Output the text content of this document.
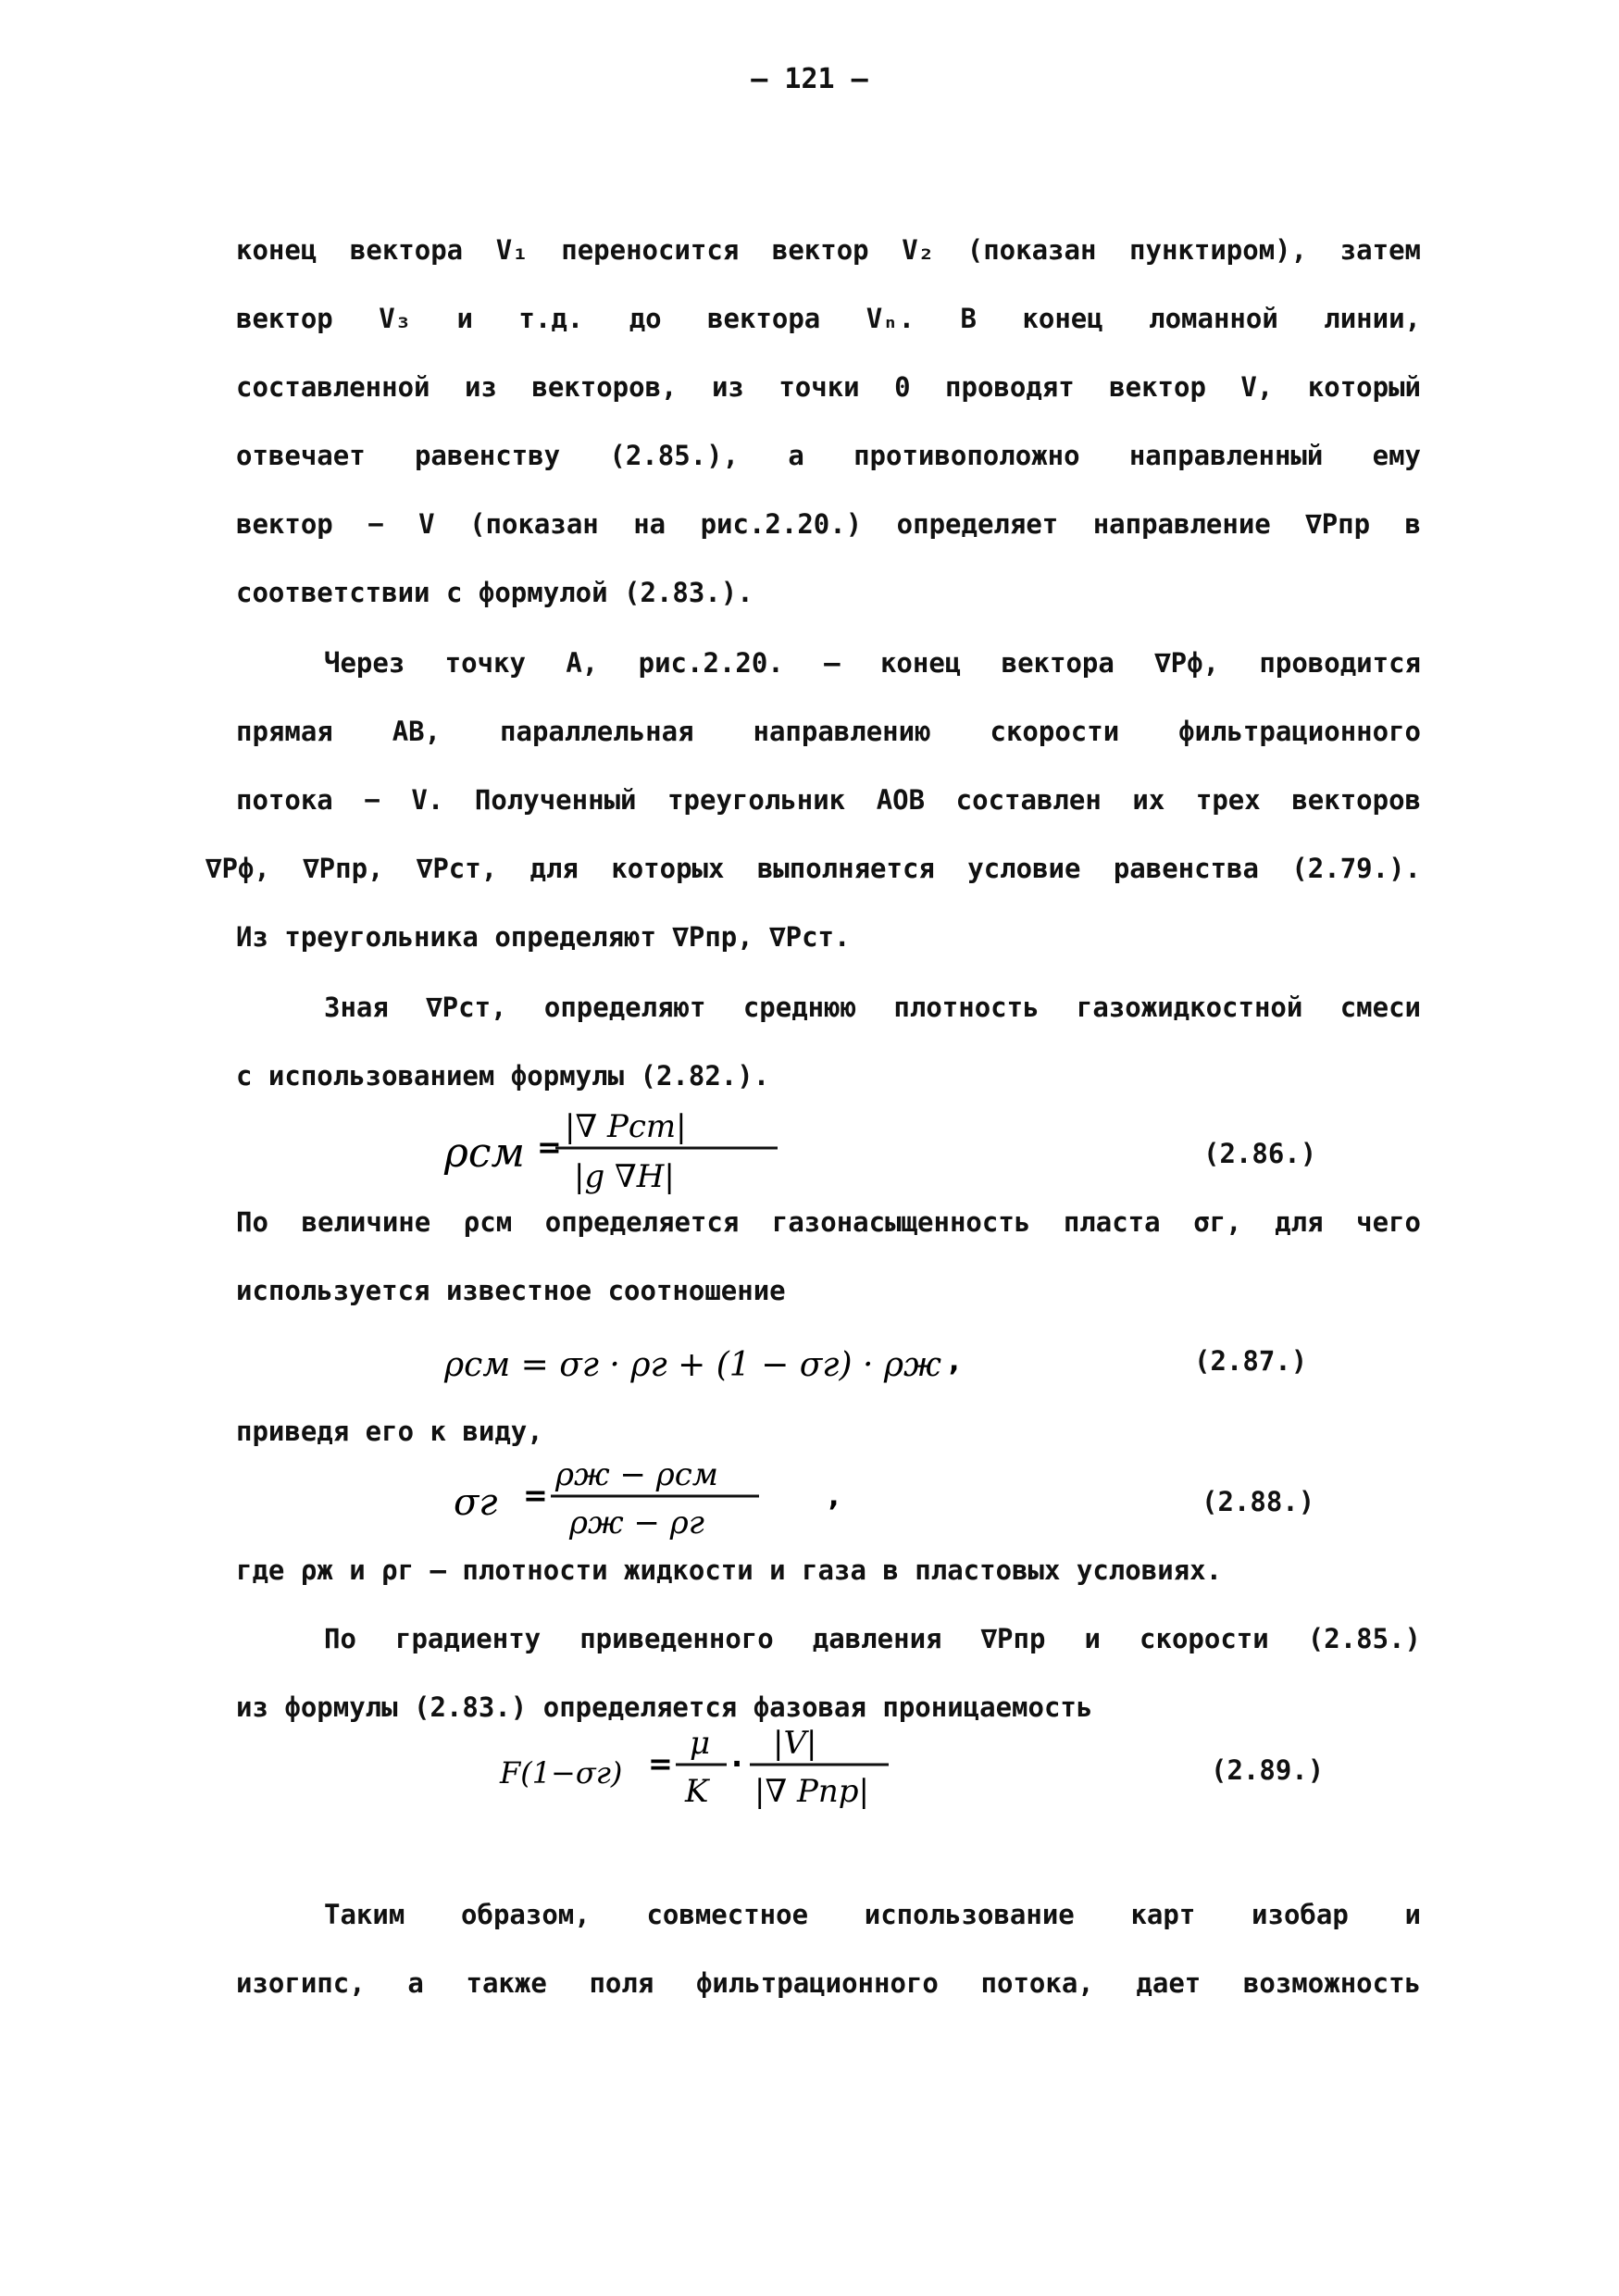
– 121 –
конец вектора V₁ переносится вектор V₂ (показан пунктиром), затем
вектор V₃ и т.д. до вектора Vₙ. В конец ломанной линии,
составленной из векторов, из точки 0 проводят вектор V, который
отвечает равенству (2.85.), а противоположно направленный ему
вектор − V (показан на рис.2.20.) определяет направление ∇Pпр в
соответствии с формулой (2.83.).
Через точку А, рис.2.20. – конец вектора ∇Pф, проводится
прямая АВ, параллельная направлению скорости фильтрационного
потока − V. Полученный треугольник АОВ составлен их трех векторов
∇Pф, ∇Pпр, ∇Pст, для которых выполняется условие равенства (2.79.).
Из треугольника определяют ∇Pпр, ∇Pст.
Зная ∇Pст, определяют среднюю плотность газожидкостной смеси
с использованием формулы (2.82.).
ρсм =
|∇ Pст|
|g ∇H|
(2.86.)
По величине ρсм определяется газонасыщенность пласта σг, для чего
используется известное соотношение
ρсм = σг · ρг + (1 − σг) · ρж ,	(2.87.)
приведя его к виду,
σг =
ρж − ρсм
ρж − ρг
,	(2.88.)
где ρж и ρг – плотности жидкости и газа в пластовых условиях.
По градиенту приведенного давления ∇Pпр и скорости (2.85.)
из формулы (2.83.) определяется фазовая проницаемость
F(1−σг) =
μ
K
·
|V|
|∇ Pпр|
(2.89.)
Таким образом, совместное использование карт изобар и
изогипс, а также поля фильтрационного потока, дает возможность
